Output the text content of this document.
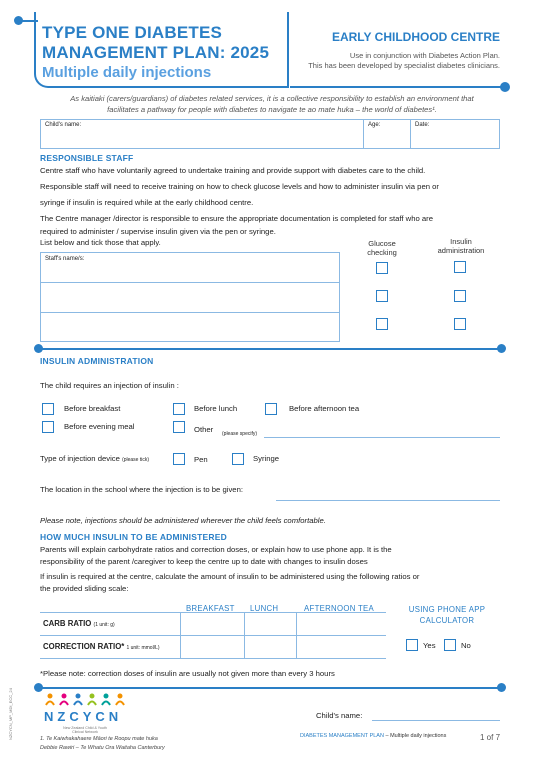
TYPE ONE DIABETES
MANAGEMENT PLAN: 2025
Multiple daily injections
EARLY CHILDHOOD CENTRE
Use in conjunction with Diabetes Action Plan.
This has been developed by specialist diabetes clinicians.
As kaitiaki (carers/guardians) of diabetes related services, it is a collective responsibility to establish an environment that
facilitates a pathway for people with diabetes to navigate te ao mate huka – the world of diabetes¹.
Child's name:	Age:	Date:
RESPONSIBLE STAFF
Centre staff who have voluntarily agreed to undertake training and provide support with diabetes care to the child.
Responsible staff will need to receive training on how to check glucose levels and how to administer insulin via pen or
syringe if insulin is required while at the early childhood centre.
The Centre manager /director is responsible to ensure the appropriate documentation is completed for staff who are
required to administer / supervise insulin given via the pen or syringe.
List below and tick those that apply.	Glucose
checking
Insulin
administration
Staff's name/s:
INSULIN ADMINISTRATION
The child requires an injection of insulin :
Before breakfast	Before lunch	Before afternoon tea
Before evening meal	Other (please specify)
Type of injection device (please tick)	Pen	Syringe
The location in the school where the injection is to be given:
Please note, injections should be administered wherever the child feels comfortable.
HOW MUCH INSULIN TO BE ADMINISTERED
Parents will explain carbohydrate ratios and correction doses, or explain how to use phone app. It is the
responsibility of the parent /caregiver to keep the centre up to date with changes to insulin doses
If insulin is required at the centre, calculate the amount of insulin to be administered using the following ratios or
the provided sliding scale:
BREAKFAST LUNCH	AFTERNOON TEA	USING PHONE APP
CALCULATOR
CARB RATIO (1 unit: g)
CORRECTION RATIO* 1 unit: mmol/L)	Yes	No
*Please note: correction doses of insulin are usually not given more than every 3 hours
NZCYCN_MP_MDI_ECC_24 NZCYCN
New Zealand Child & Youth
Clinical Network
Child's name:
1. Te Kaiwhakahaere Māori te Roopu mate huka
Debbie Rawiri – Te Whatu Ora Waitaha Canterbury
DIABETES MANAGEMENT PLAN – Multiple daily injections	1 of 7
